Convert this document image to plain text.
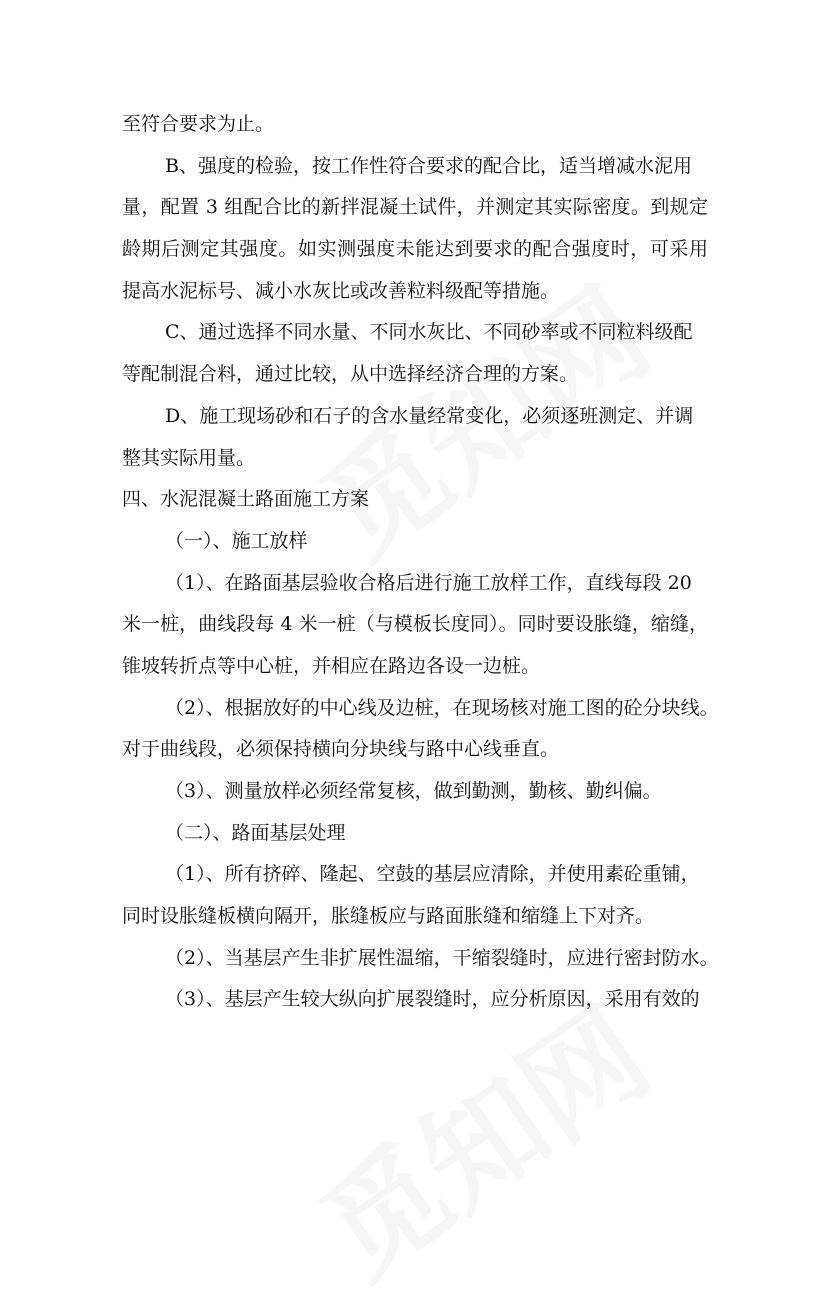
至符合要求为止。
B、强度的检验，按工作性符合要求的配合比，适当增减水泥用
量，配置 3 组配合比的新拌混凝土试件，并测定其实际密度。到规定
龄期后测定其强度。如实测强度未能达到要求的配合强度时，可采用
提高水泥标号、减小水灰比或改善粒料级配等措施。
C、通过选择不同水量、不同水灰比、不同砂率或不同粒料级配
等配制混合料，通过比较，从中选择经济合理的方案。
D、施工现场砂和石子的含水量经常变化，必须逐班测定、并调
整其实际用量。
四、水泥混凝土路面施工方案
（一）、施工放样
（1）、在路面基层验收合格后进行施工放样工作，直线每段 20
米一桩，曲线段每 4 米一桩（与模板长度同）。同时要设胀缝，缩缝，
锥坡转折点等中心桩，并相应在路边各设一边桩。
（2）、根据放好的中心线及边桩，在现场核对施工图的砼分块线。
对于曲线段，必须保持横向分块线与路中心线垂直。
（3）、测量放样必须经常复核，做到勤测，勤核、勤纠偏。
（二）、路面基层处理
（1）、所有挤碎、隆起、空鼓的基层应清除，并使用素砼重铺，
同时设胀缝板横向隔开，胀缝板应与路面胀缝和缩缝上下对齐。
（2）、当基层产生非扩展性温缩，干缩裂缝时，应进行密封防水。
（3）、基层产生较大纵向扩展裂缝时，应分析原因，采用有效的
